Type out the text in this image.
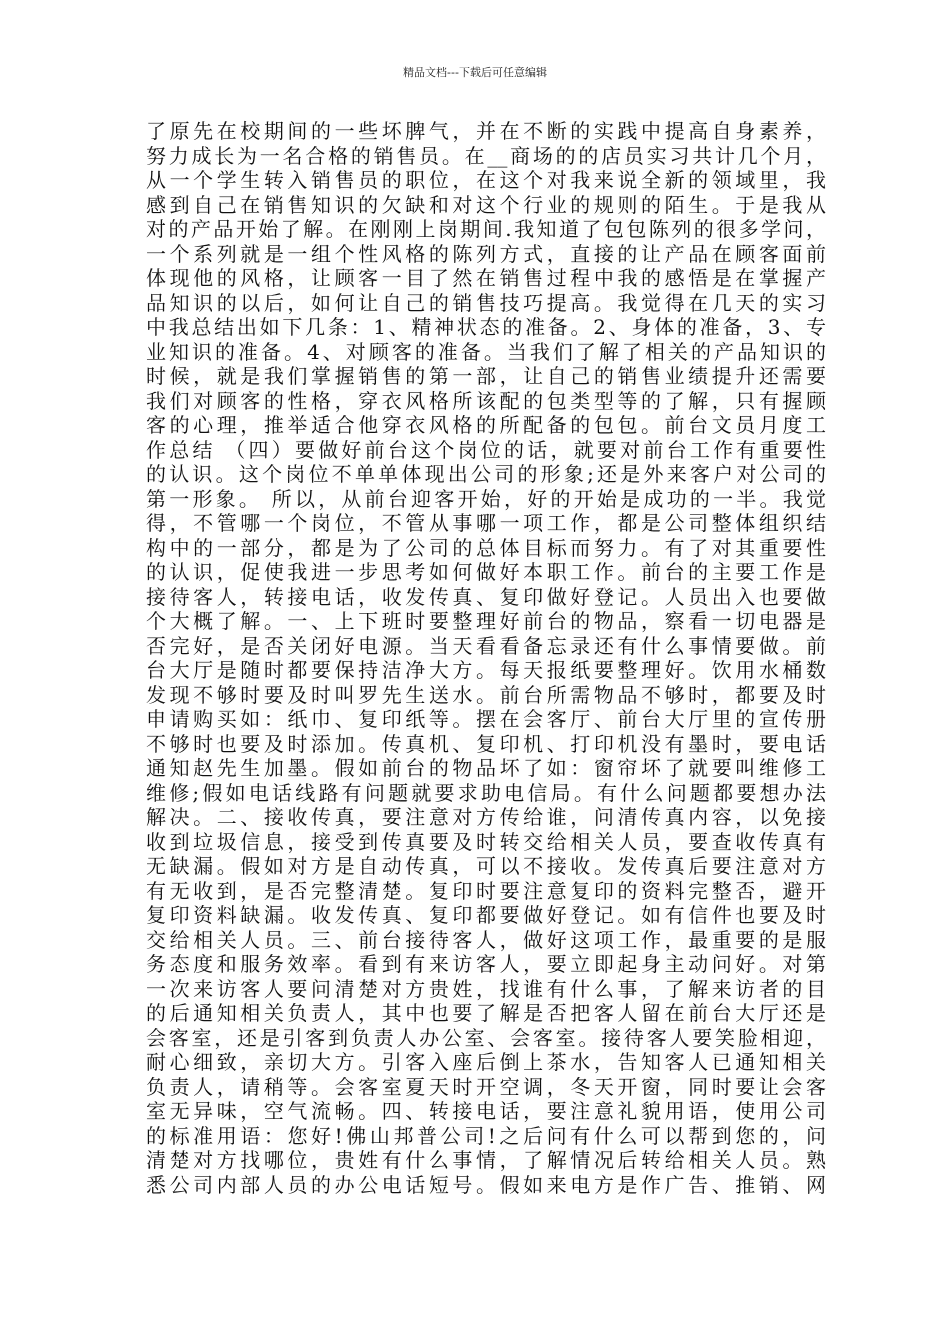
精品文档---下载后可任意编辑
了原先在校期间的一些坏脾气，并在不断的实践中提高自身素养，
努力成长为一名合格的销售员。在__商场的的店员实习共计几个月，
从一个学生转入销售员的职位，在这个对我来说全新的领域里，我
感到自己在销售知识的欠缺和对这个行业的规则的陌生。于是我从
对的产品开始了解。在刚刚上岗期间.我知道了包包陈列的很多学问，
一个系列就是一组个性风格的陈列方式，直接的让产品在顾客面前
体现他的风格，让顾客一目了然在销售过程中我的感悟是在掌握产
品知识的以后，如何让自己的销售技巧提高。我觉得在几天的实习
中我总结出如下几条：1、精神状态的准备。2、身体的准备，3、专
业知识的准备。4、对顾客的准备。当我们了解了相关的产品知识的
时候，就是我们掌握销售的第一部，让自己的销售业绩提升还需要
我们对顾客的性格，穿衣风格所该配的包类型等的了解，只有握顾
客的心理，推举适合他穿衣风格的所配备的包包。前台文员月度工
作总结 （四）要做好前台这个岗位的话，就要对前台工作有重要性
的认识。这个岗位不单单体现出公司的形象;还是外来客户对公司的
第一形象。 所以，从前台迎客开始，好的开始是成功的一半。我觉
得，不管哪一个岗位，不管从事哪一项工作，都是公司整体组织结
构中的一部分，都是为了公司的总体目标而努力。有了对其重要性
的认识，促使我进一步思考如何做好本职工作。前台的主要工作是
接待客人，转接电话，收发传真、复印做好登记。人员出入也要做
个大概了解。一、上下班时要整理好前台的物品，察看一切电器是
否完好，是否关闭好电源。当天看看备忘录还有什么事情要做。前
台大厅是随时都要保持洁净大方。每天报纸要整理好。饮用水桶数
发现不够时要及时叫罗先生送水。前台所需物品不够时，都要及时
申请购买如：纸巾、复印纸等。摆在会客厅、前台大厅里的宣传册
不够时也要及时添加。传真机、复印机、打印机没有墨时，要电话
通知赵先生加墨。假如前台的物品坏了如：窗帘坏了就要叫维修工
维修;假如电话线路有问题就要求助电信局。有什么问题都要想办法
解决。二、接收传真，要注意对方传给谁，问清传真内容，以免接
收到垃圾信息，接受到传真要及时转交给相关人员，要查收传真有
无缺漏。假如对方是自动传真，可以不接收。发传真后要注意对方
有无收到，是否完整清楚。复印时要注意复印的资料完整否，避开
复印资料缺漏。收发传真、复印都要做好登记。如有信件也要及时
交给相关人员。三、前台接待客人，做好这项工作，最重要的是服
务态度和服务效率。看到有来访客人，要立即起身主动问好。对第
一次来访客人要问清楚对方贵姓，找谁有什么事，了解来访者的目
的后通知相关负责人，其中也要了解是否把客人留在前台大厅还是
会客室，还是引客到负责人办公室、会客室。接待客人要笑脸相迎，
耐心细致，亲切大方。引客入座后倒上茶水，告知客人已通知相关
负责人，请稍等。会客室夏天时开空调，冬天开窗，同时要让会客
室无异味，空气流畅。四、转接电话，要注意礼貌用语，使用公司
的标准用语：您好!佛山邦普公司!之后问有什么可以帮到您的，问
清楚对方找哪位，贵姓有什么事情，了解情况后转给相关人员。熟
悉公司内部人员的办公电话短号。假如来电方是作广告、推销、网
